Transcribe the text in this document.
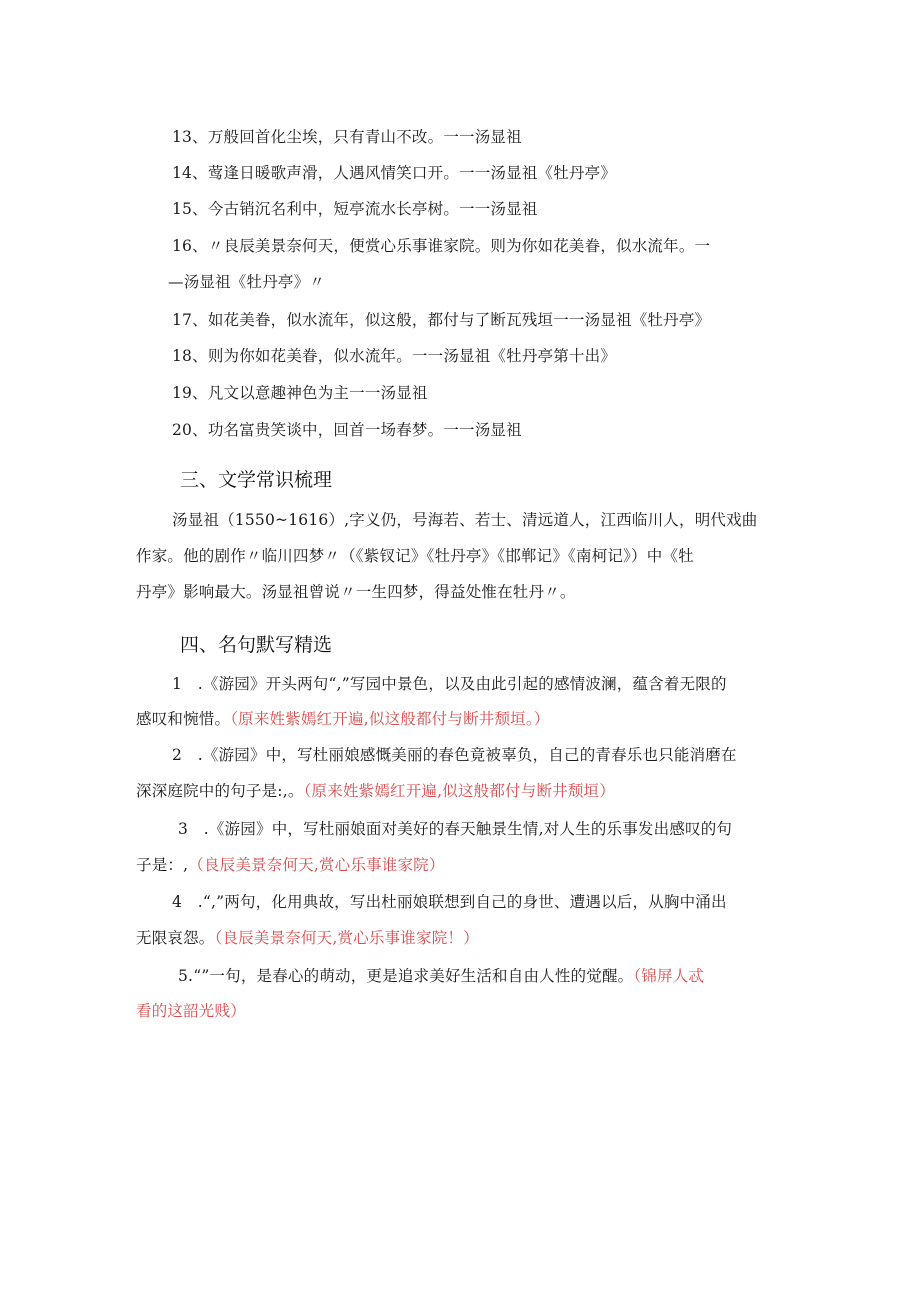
13、万般回首化尘埃，只有青山不改。一一汤显祖
14、莺逢日暖歌声滑，人遇风情笑口开。一一汤显祖《牡丹亭》
15、今古销沉名利中，短亭流水长亭树。一一汤显祖
16、〃良辰美景奈何天，便赏心乐事谁家院。则为你如花美眷，似水流年。一
—汤显祖《牡丹亭》〃
17、如花美眷，似水流年，似这般，都付与了断瓦残垣一一汤显祖《牡丹亭》
18、则为你如花美眷，似水流年。一一汤显祖《牡丹亭第十出》
19、凡文以意趣神色为主一一汤显祖
20、功名富贵笑谈中，回首一场春梦。一一汤显祖
三、文学常识梳理
汤显祖（1550~1616）,字义仍，号海若、若士、清远道人，江西临川人，明代戏曲
作家。他的剧作〃临川四梦〃（《紫钗记》《牡丹亭》《邯郸记》《南柯记》）中《牡
丹亭》影响最大。汤显祖曾说〃一生四梦，得益处惟在牡丹〃。
四、名句默写精选
1　.《游园》开头两句“,”写园中景色，以及由此引起的感情波澜，蕴含着无限的
感叹和惋惜。（原来姓紫嫣红开遍,似这般都付与断井颓垣。）
2　.《游园》中，写杜丽娘感慨美丽的春色竟被辜负，自己的青春乐也只能消磨在
深深庭院中的句子是:,。（原来姓紫嫣红开遍,似这般都付与断井颓垣）
3　.《游园》中，写杜丽娘面对美好的春天触景生情,对人生的乐事发出感叹的句
子是：,（良辰美景奈何天,赏心乐事谁家院）
4　.“,”两句，化用典故，写出杜丽娘联想到自己的身世、遭遇以后，从胸中涌出
无限哀怨。（良辰美景奈何天,赏心乐事谁家院！）
5.“”一句，是春心的萌动，更是追求美好生活和自由人性的觉醒。（锦屏人忒
看的这韶光贱）
